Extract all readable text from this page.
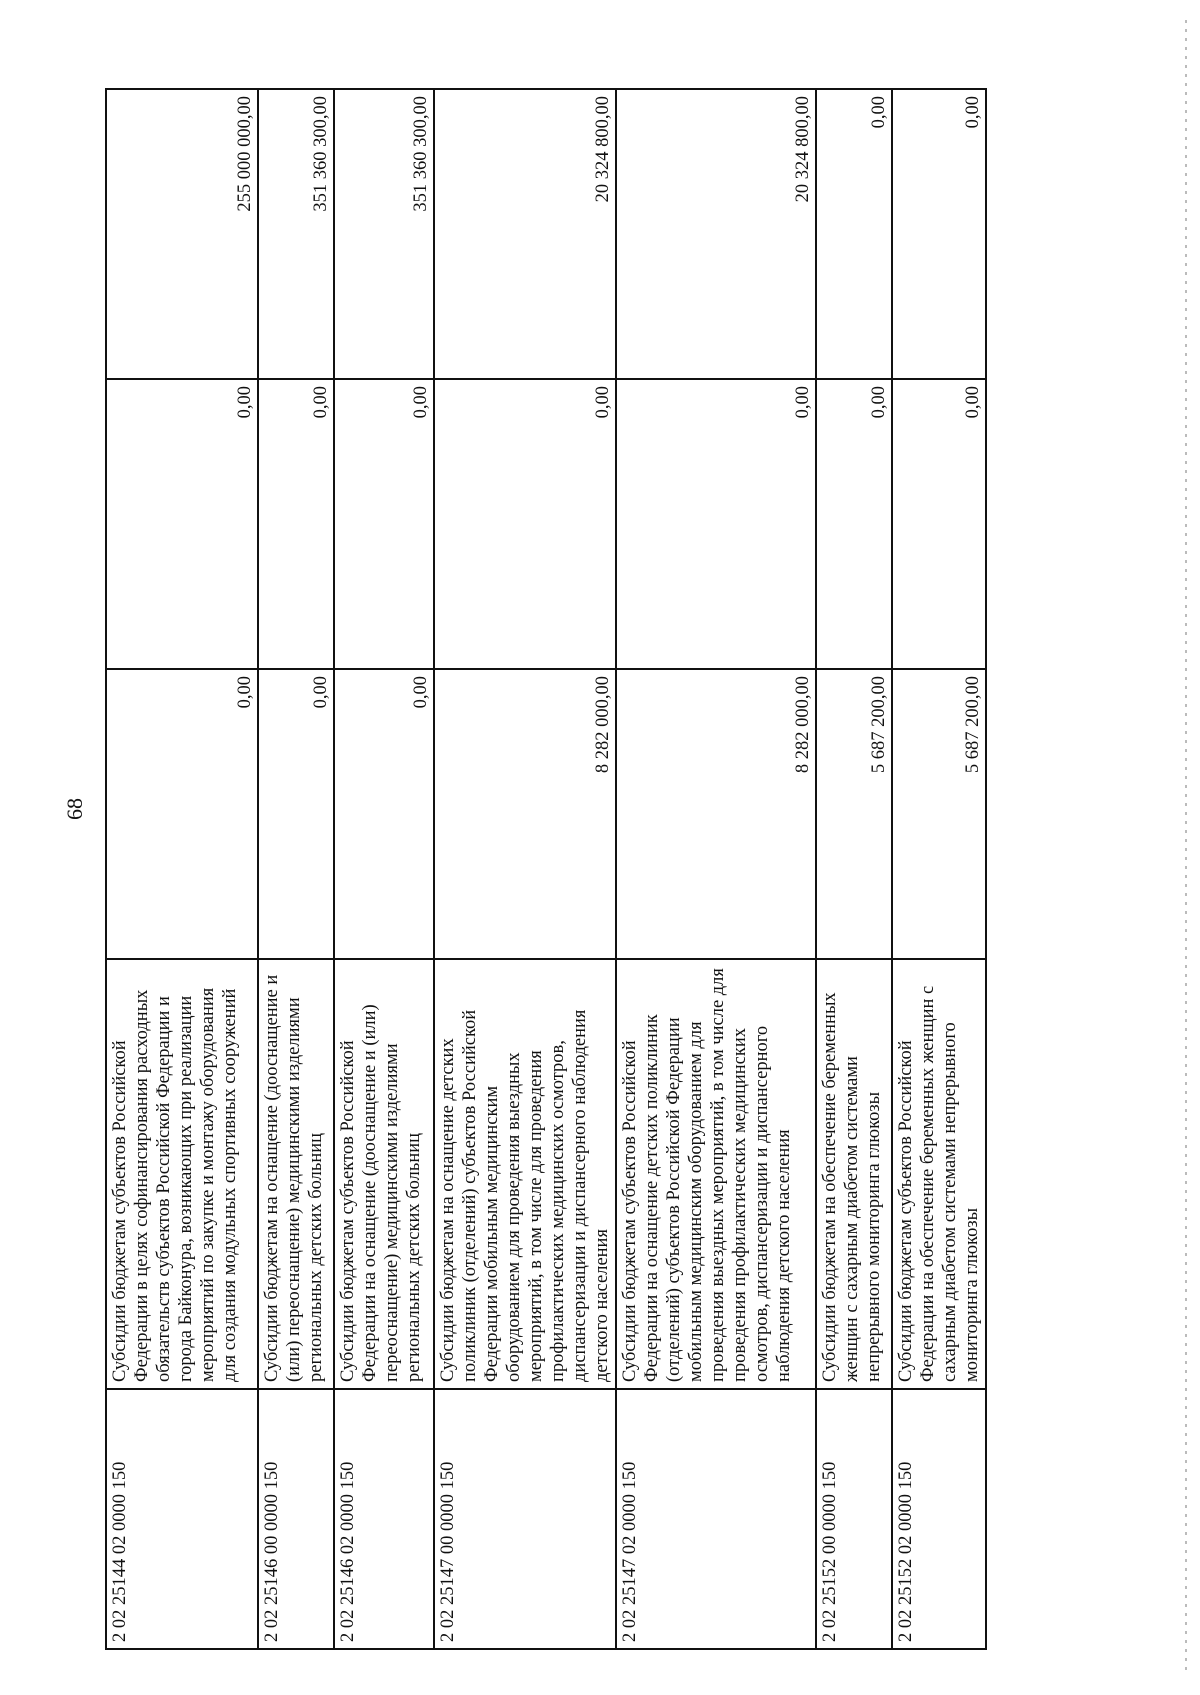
68
2 02 25144 02 0000 150	Субсидии бюджетам субъектов Российской Федерации в целях софинансирования расходных обязательств субъектов Российской Федерации и города Байконура, возникающих при реализации мероприятий по закупке и монтажу оборудования для создания модульных спортивных сооружений	0,00	0,00	255 000 000,00
2 02 25146 00 0000 150	Субсидии бюджетам на оснащение (дооснащение и (или) переоснащение) медицинскими изделиями региональных детских больниц	0,00	0,00	351 360 300,00
2 02 25146 02 0000 150	Субсидии бюджетам субъектов Российской Федерации на оснащение (дооснащение и (или) переоснащение) медицинскими изделиями региональных детских больниц	0,00	0,00	351 360 300,00
2 02 25147 00 0000 150	Субсидии бюджетам на оснащение детских поликлиник (отделений) субъектов Российской Федерации мобильным медицинским оборудованием для проведения выездных мероприятий, в том числе для проведения профилактических медицинских осмотров, диспансеризации и диспансерного наблюдения детского населения	8 282 000,00	0,00	20 324 800,00
2 02 25147 02 0000 150	Субсидии бюджетам субъектов Российской Федерации на оснащение детских поликлиник (отделений) субъектов Российской Федерации мобильным медицинским оборудованием для проведения выездных мероприятий, в том числе для проведения профилактических медицинских осмотров, диспансеризации и диспансерного наблюдения детского населения	8 282 000,00	0,00	20 324 800,00
2 02 25152 00 0000 150	Субсидии бюджетам на обеспечение беременных женщин с сахарным диабетом системами непрерывного мониторинга глюкозы	5 687 200,00	0,00	0,00
2 02 25152 02 0000 150	Субсидии бюджетам субъектов Российской Федерации на обеспечение беременных женщин с сахарным диабетом системами непрерывного мониторинга глюкозы	5 687 200,00	0,00	0,00
